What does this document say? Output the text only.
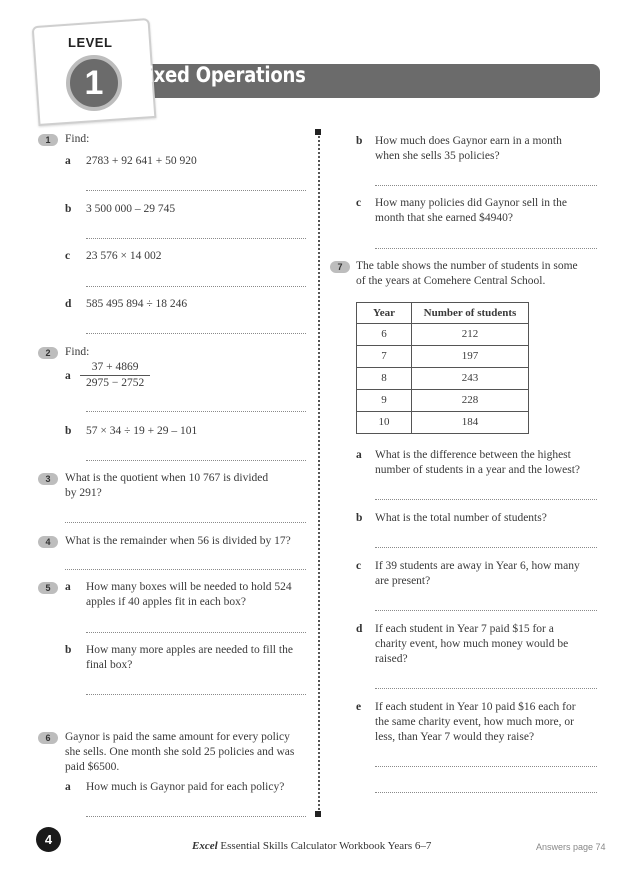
LEVEL
1	Mixed Operations
1	Find:
a 2783 + 92 641 + 50 920
b 3 500 000 – 29 745
c 23 576 × 14 002
d 585 495 894 ÷ 18 246
2	Find:
a $\frac{37 + 4869}{2975 - 2752}$
b 57 × 34 ÷ 19 + 29 – 101
3	What is the quotient when 10 767 is divided
by 291?
4	What is the remainder when 56 is divided by 17?
5	a How many boxes will be needed to hold 524
apples if 40 apples fit in each box?
b How many more apples are needed to fill the
final box?
6	Gaynor is paid the same amount for every policy
she sells. One month she sold 25 policies and was
paid $6500.
a How much is Gaynor paid for each policy?
b How much does Gaynor earn in a month
when she sells 35 policies?
c How many policies did Gaynor sell in the
month that she earned $4940?
7	The table shows the number of students in some
of the years at Comehere Central School.
Year	Number of students
6	212
7	197
8	243
9	228
10	184
a What is the difference between the highest
number of students in a year and the lowest?
b What is the total number of students?
c If 39 students are away in Year 6, how many
are present?
d If each student in Year 7 paid $15 for a
charity event, how much money would be
raised?
e If each student in Year 10 paid $16 each for
the same charity event, how much more, or
less, than Year 7 would they raise?
4	Excel Essential Skills Calculator Workbook Years 6–7	Answers page 74
